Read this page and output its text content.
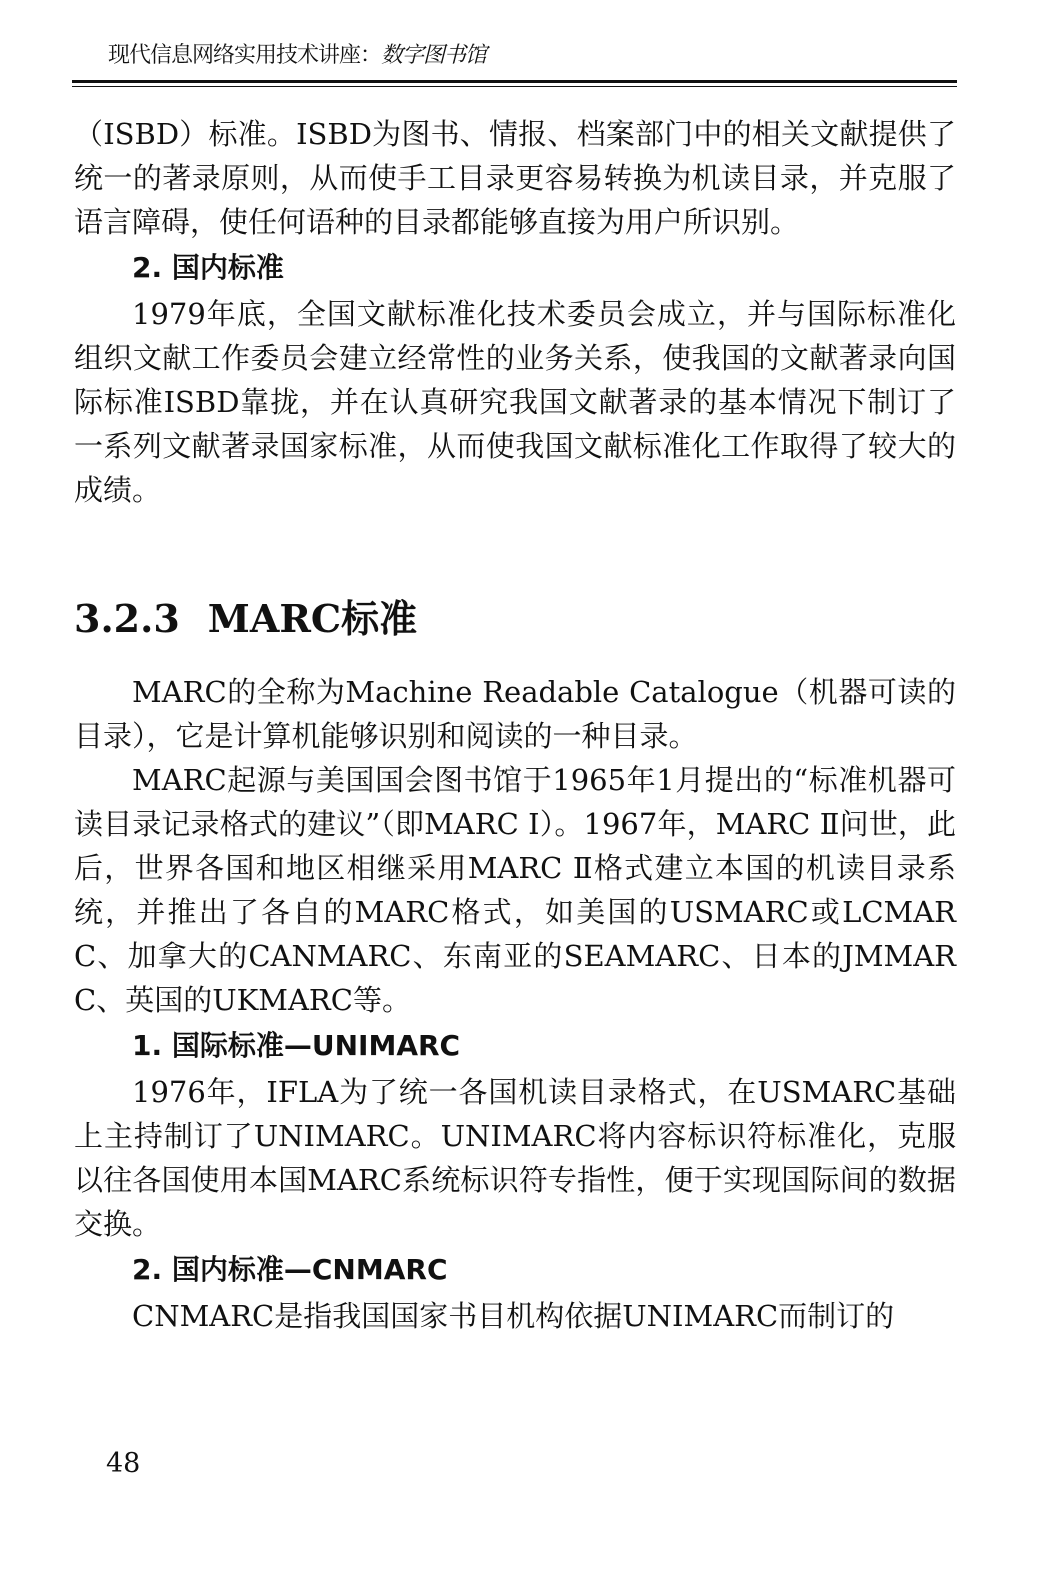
现代信息网络实用技术讲座：数字图书馆

（ISBD）标准。ISBD为图书、情报、档案部门中的相关文献提供了统一的著录原则，从而使手工目录更容易转换为机读目录，并克服了语言障碍，使任何语种的目录都能够直接为用户所识别。

2. 国内标准

1979年底，全国文献标准化技术委员会成立，并与国际标准化组织文献工作委员会建立经常性的业务关系，使我国的文献著录向国际标准ISBD靠拢，并在认真研究我国文献著录的基本情况下制订了一系列文献著录国家标准，从而使我国文献标准化工作取得了较大的成绩。

3.2.3 MARC标准

MARC的全称为Machine Readable Catalogue（机器可读的目录），它是计算机能够识别和阅读的一种目录。

MARC起源与美国国会图书馆于1965年1月提出的“标准机器可读目录记录格式的建议”（即MARC Ⅰ）。1967年，MARC Ⅱ问世，此后，世界各国和地区相继采用MARC Ⅱ格式建立本国的机读目录系统，并推出了各自的MARC格式，如美国的USMARC或LCMARC、加拿大的CANMARC、东南亚的SEAMARC、日本的JMMARC、英国的UKMARC等。

1. 国际标准—UNIMARC

1976年，IFLA为了统一各国机读目录格式，在USMARC基础上主持制订了UNIMARC。UNIMARC将内容标识符标准化，克服以往各国使用本国MARC系统标识符专指性，便于实现国际间的数据交换。

2. 国内标准—CNMARC

CNMARC是指我国国家书目机构依据UNIMARC而制订的

48
